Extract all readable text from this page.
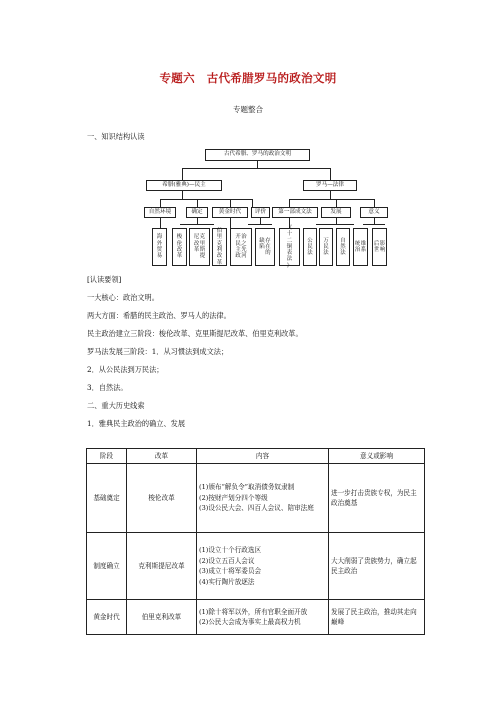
专题六　古代希腊罗马的政治文明
专题整合
一、知识结构认读
古代希腊、罗马的政治文明
希腊(雅典)—民主	罗马—法律
自然环境	确定	黄金时代	评价	第一部成文法	发展	意义
海
外
贸
易
梭
伦
改
革
尼
改
革
克
里
斯
提
伯
里
克
利
改
革
开
民
主
政
治
之
先
河
缺
陷
存
在
的
《
十
二
铜
表
法
》
公
民
法
万
民
法
自
然
法
统
治
维
系
后
世
影
响
[认读要领]
一大核心：政治文明。
两大方面：希腊的民主政治、罗马人的法律。
民主政治建立三阶段：梭伦改革、克里斯提尼改革、伯里克利改革。
罗马法发展三阶段：1．从习惯法到成文法；
2．从公民法到万民法；
3．自然法。
二、重大历史线索
1．雅典民主政治的确立、发展
阶段	改革	内容	意义或影响
基础奠定	梭伦改革	(1)颁布“解负令”取消债务奴隶制
(2)按财产划分四个等级
(3)设公民大会、四百人会议、陪审法庭	进一步打击贵族专权，为民主政治奠基
制度确立	克利斯提尼改革	(1)设立十个行政选区
(2)设立五百人会议
(3)成立十将军委员会
(4)实行陶片放逐法	大大削弱了贵族势力，确立起民主政治
黄金时代	伯里克利改革	(1)除十将军以外，所有官职全面开放
(2)公民大会成为事实上最高权力机	发展了民主政治，推动其走向巅峰
